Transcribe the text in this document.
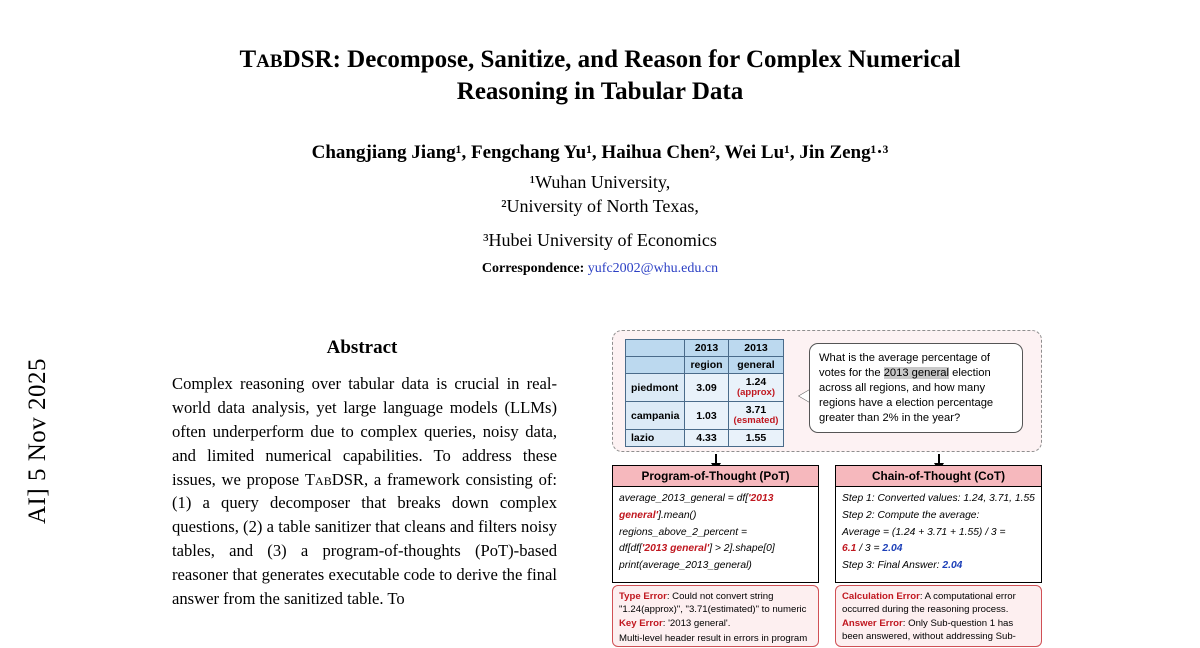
AI] 5 Nov 2025
TABDSR: Decompose, Sanitize, and Reason for Complex Numerical
Reasoning in Tabular Data
Changjiang Jiang¹, Fengchang Yu¹, Haihua Chen², Wei Lu¹, Jin Zeng¹·³
¹Wuhan University,
²University of North Texas,
³Hubei University of Economics
Correspondence: yufc2002@whu.edu.cn
Abstract

Complex reasoning over tabular data is crucial in real-world data analysis, yet large language models (LLMs) often underperform due to complex queries, noisy data, and limited numerical capabilities. To address these issues, we propose TabDSR, a framework consisting of: (1) a query decomposer that breaks down complex questions, (2) a table sanitizer that cleans and filters noisy tables, and (3) a program-of-thoughts (PoT)-based reasoner that generates executable code to derive the final answer from the sanitized table. To

	2013	2013
	region	general
piedmont	3.09	1.24
(approx)

campania	1.03	3.71
(esmated)

lazio	4.33	1.55
What is the average percentage of votes for the 2013 general election across all regions, and how many regions have a election percentage greater than 2% in the year?
Program-of-Thought (PoT)

average_2013_general = df['2013

general'].mean()

regions_above_2_percent =

df[df['2013 general'] > 2].shape[0]

print(average_2013_general)

Chain-of-Thought (CoT)

Step 1: Converted values: 1.24, 3.71, 1.55

Step 2: Compute the average:

Average = (1.24 + 3.71 + 1.55) / 3 =

6.1 / 3 = 2.04

Step 3: Final Answer: 2.04

Type Error: Could not convert string "1.24(approx)", "3.71(estimated)" to numeric

Key Error: '2013 general'.

Multi-level header result in errors in program

Calculation Error: A computational error occurred during the reasoning process.

Answer Error: Only Sub-question 1 has been answered, without addressing Sub-
